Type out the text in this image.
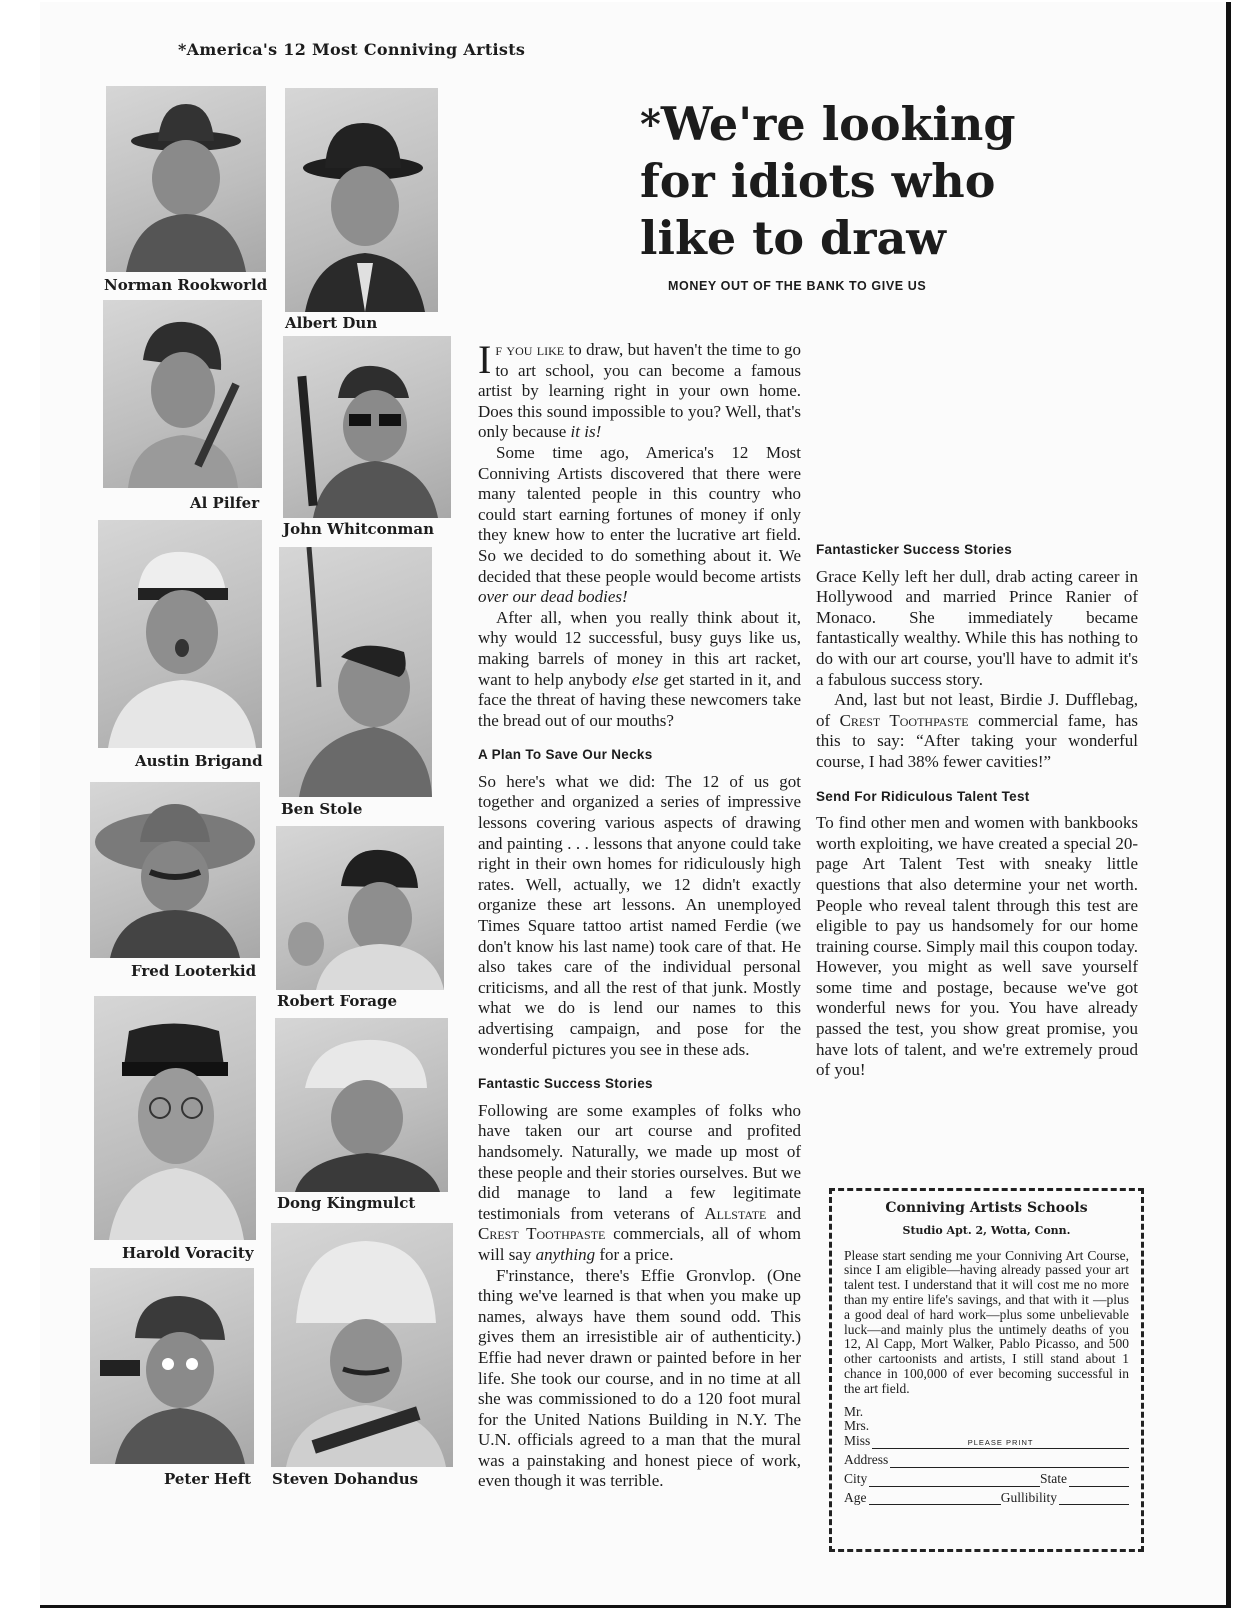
*America's 12 Most Conniving Artists
Norman Rookworld
Al Pilfer
Austin Brigand
Fred Looterkid
Harold Voracity
Peter Heft
Albert Dun
John Whitconman
Ben Stole
Robert Forage
Dong Kingmulct
Steven Dohandus
*We're looking
for idiots who
like to draw
MONEY OUT OF THE BANK TO GIVE US

If you like to draw, but haven't the time to go to art school, you can become a famous artist by learning right in your own home. Does this sound impossible to you? Well, that's only because it is!

Some time ago, America's 12 Most Conniving Artists discovered that there were many talented people in this country who could start earning fortunes of money if only they knew how to enter the lucrative art field. So we decided to do something about it. We decided that these people would become artists over our dead bodies!

After all, when you really think about it, why would 12 successful, busy guys like us, making barrels of money in this art racket, want to help anybody else get started in it, and face the threat of having these newcomers take the bread out of our mouths?

A Plan To Save Our Necks

So here's what we did: The 12 of us got together and organized a series of impressive lessons covering various aspects of drawing and painting . . . lessons that anyone could take right in their own homes for ridiculously high rates. Well, actually, we 12 didn't exactly organize these art lessons. An unemployed Times Square tattoo artist named Ferdie (we don't know his last name) took care of that. He also takes care of the individual personal criticisms, and all the rest of that junk. Mostly what we do is lend our names to this advertising campaign, and pose for the wonderful pictures you see in these ads.

Fantastic Success Stories

Following are some examples of folks who have taken our art course and profited handsomely. Naturally, we made up most of these people and their stories ourselves. But we did manage to land a few legitimate testimonials from veterans of Allstate and Crest Toothpaste commercials, all of whom will say anything for a price.

F'rinstance, there's Effie Gronvlop. (One thing we've learned is that when you make up names, always have them sound odd. This gives them an irresistible air of authenticity.) Effie had never drawn or painted before in her life. She took our course, and in no time at all she was commissioned to do a 120 foot mural for the United Nations Building in N.Y. The U.N. officials agreed to a man that the mural was a painstaking and honest piece of work, even though it was terrible.

Fantasticker Success Stories

Grace Kelly left her dull, drab acting career in Hollywood and married Prince Ranier of Monaco. She immediately became fantastically wealthy. While this has nothing to do with our art course, you'll have to admit it's a fabulous success story.

And, last but not least, Birdie J. Dufflebag, of Crest Toothpaste commercial fame, has this to say: “After taking your wonderful course, I had 38% fewer cavities!”

Send For Ridiculous Talent Test

To find other men and women with bankbooks worth exploiting, we have created a special 20-page Art Talent Test with sneaky little questions that also determine your net worth. People who reveal talent through this test are eligible to pay us handsomely for our home training course. Simply mail this coupon today. However, you might as well save yourself some time and postage, because we've got wonderful news for you. You have already passed the test, you show great promise, you have lots of talent, and we're extremely proud of you!

Conniving Artists Schools
Studio Apt. 2, Wotta, Conn.
Please start sending me your Conniving Art Course, since I am eligible—having already passed your art talent test. I understand that it will cost me no more than my entire life's savings, and that with it —plus a good deal of hard work—plus some unbelievable luck—and mainly plus the untimely deaths of you 12, Al Capp, Mort Walker, Pablo Picasso, and 500 other cartoonists and artists, I still stand about 1 chance in 100,000 of ever becoming successful in the art field.
Mr.
Mrs.
Miss	PLEASE PRINT
Address
City	State
Age	Gullibility
